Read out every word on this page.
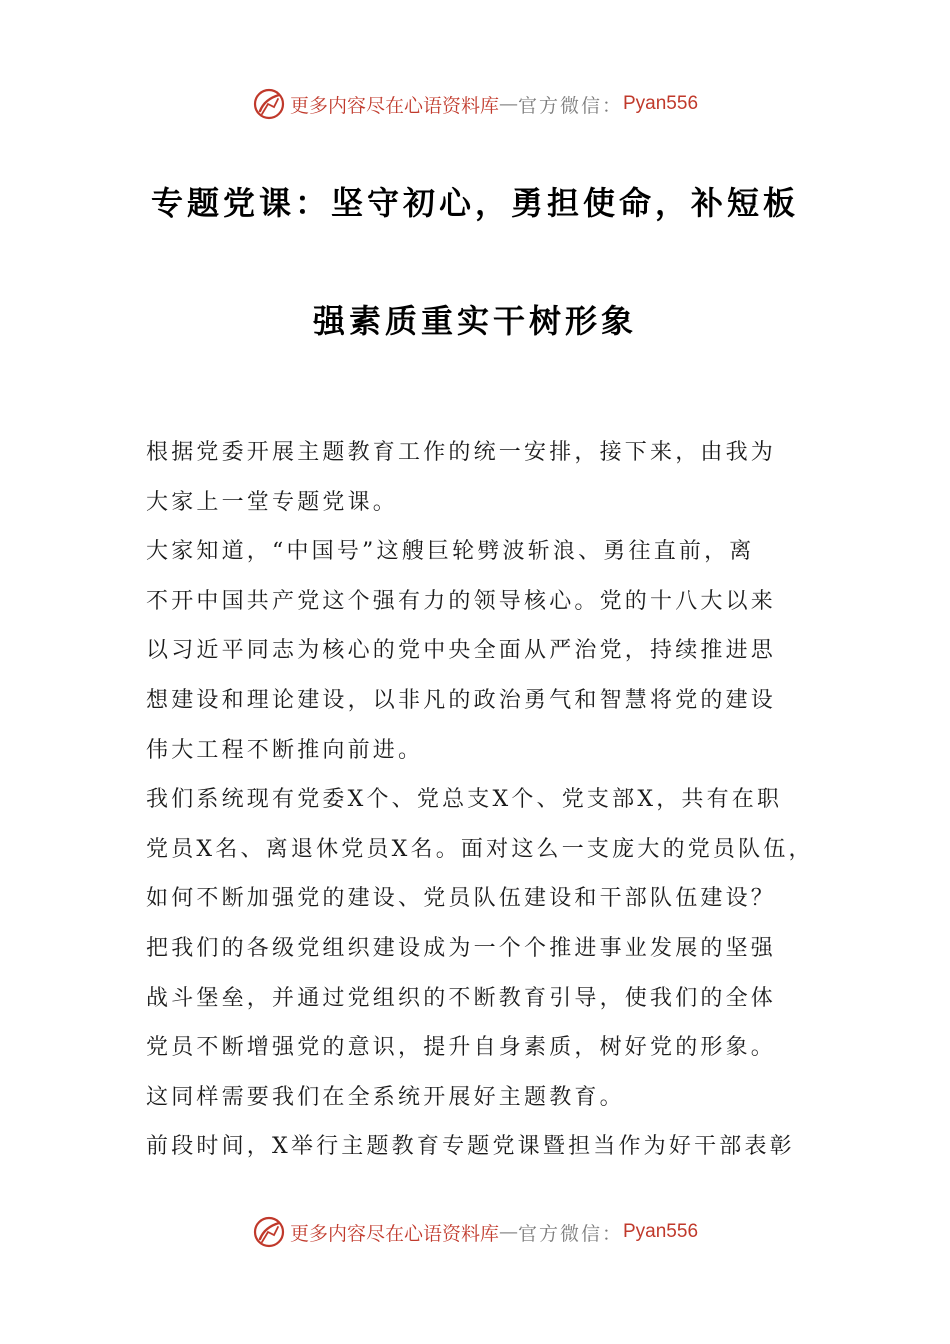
更多内容尽在心语资料库 — 官方微信： Pyan556
专题党课：坚守初心，勇担使命，补短板
强素质重实干树形象

根据党委开展主题教育工作的统一安排，接下来，由我为

大家上一堂专题党课。

大家知道，“中国号”这艘巨轮劈波斩浪、勇往直前，离

不开中国共产党这个强有力的领导核心。党的十八大以来

以习近平同志为核心的党中央全面从严治党，持续推进思

想建设和理论建设，以非凡的政治勇气和智慧将党的建设

伟大工程不断推向前进。

我们系统现有党委X个、党总支X个、党支部X，共有在职

党员X名、离退休党员X名。面对这么一支庞大的党员队伍，

如何不断加强党的建设、党员队伍建设和干部队伍建设？

把我们的各级党组织建设成为一个个推进事业发展的坚强

战斗堡垒，并通过党组织的不断教育引导，使我们的全体

党员不断增强党的意识，提升自身素质，树好党的形象。

这同样需要我们在全系统开展好主题教育。

前段时间，X举行主题教育专题党课暨担当作为好干部表彰

更多内容尽在心语资料库 — 官方微信： Pyan556
